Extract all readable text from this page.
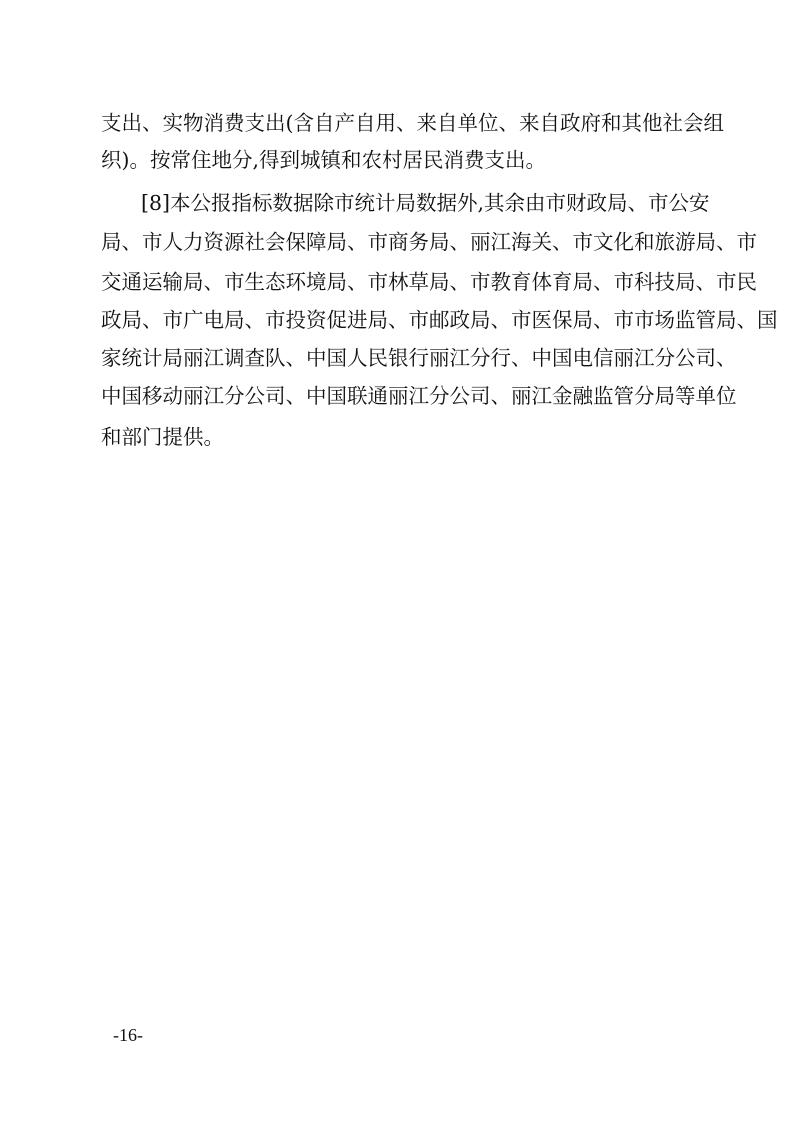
支出、实物消费支出(含自产自用、来自单位、来自政府和其他社会组
织)。按常住地分,得到城镇和农村居民消费支出。
[8]本公报指标数据除市统计局数据外,其余由市财政局、市公安
局、市人力资源社会保障局、市商务局、丽江海关、市文化和旅游局、市
交通运输局、市生态环境局、市林草局、市教育体育局、市科技局、市民
政局、市广电局、市投资促进局、市邮政局、市医保局、市市场监管局、国
家统计局丽江调查队、中国人民银行丽江分行、中国电信丽江分公司、
中国移动丽江分公司、中国联通丽江分公司、丽江金融监管分局等单位
和部门提供。
-16-
